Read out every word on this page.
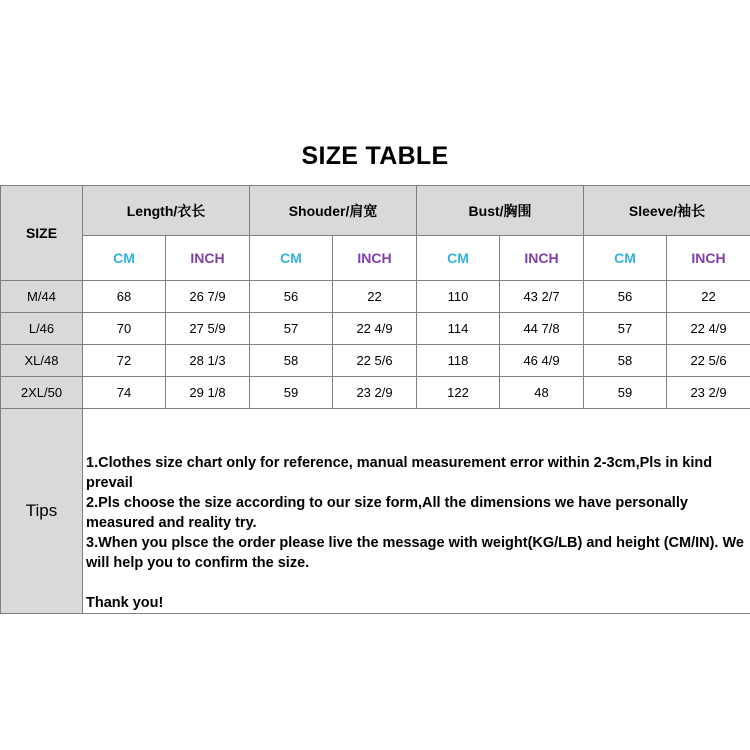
SIZE TABLE
SIZE	Length/衣长		Shouder/肩宽		Bust/胸围		Sleeve/袖长	
	CM	INCH	CM	INCH	CM	INCH	CM	INCH
M/44	68	26 7/9	56	22	110	43 2/7	56	22
L/46	70	27 5/9	57	22 4/9	114	44 7/8	57	22 4/9
XL/48	72	28 1/3	58	22 5/6	118	46 4/9	58	22 5/6
2XL/50	74	29 1/8	59	23 2/9	122	48	59	23 2/9
Tips	1.Clothes size chart only for reference, manual measurement error within 2-3cm,Pls in kind prevail

2.Pls choose the size according to our size form,All the dimensions we have personally measured and reality try.

3.When you plsce the order please live the message with weight(KG/LB) and height (CM/IN). We will help you to confirm the size.

Thank you!							
